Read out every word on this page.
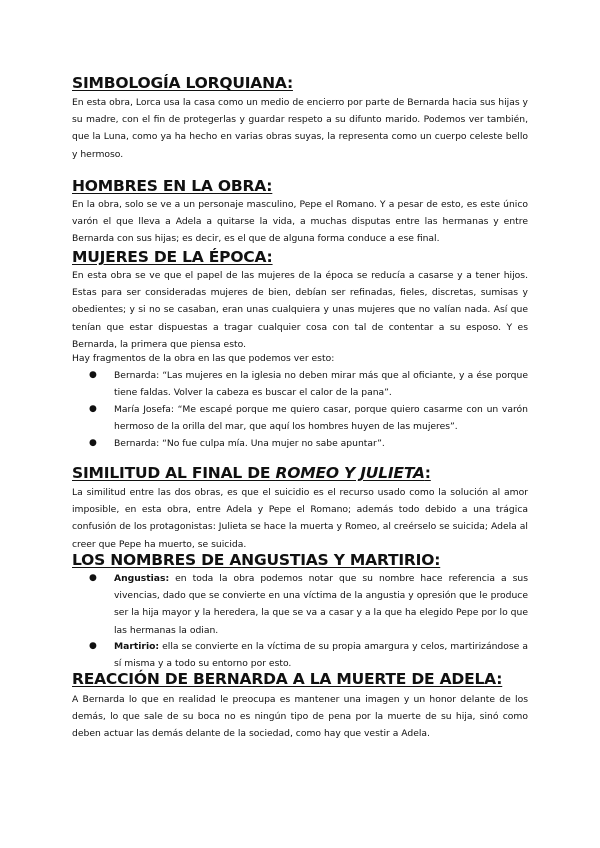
SIMBOLOGÍA LORQUIANA:
En esta obra, Lorca usa la casa como un medio de encierro por parte de Bernarda hacia sus hijas y su madre, con el fin de protegerlas y guardar respeto a su difunto marido. Podemos ver también, que la Luna, como ya ha hecho en varias obras suyas, la representa como un cuerpo celeste bello y hermoso.
HOMBRES EN LA OBRA:
En la obra, solo se ve a un personaje masculino, Pepe el Romano. Y a pesar de esto, es este único varón el que lleva a Adela a quitarse la vida, a muchas disputas entre las hermanas y entre Bernarda con sus hijas; es decir, es el que de alguna forma conduce a ese final.
MUJERES DE LA ÉPOCA:
En esta obra se ve que el papel de las mujeres de la época se reducía a casarse y a tener hijos. Estas para ser consideradas mujeres de bien, debían ser refinadas, fieles, discretas, sumisas y obedientes; y si no se casaban, eran unas cualquiera y unas mujeres que no valían nada. Así que tenían que estar dispuestas a tragar cualquier cosa con tal de contentar a su esposo. Y es Bernarda, la primera que piensa esto.
Hay fragmentos de la obra en las que podemos ver esto:
● Bernarda: “Las mujeres en la iglesia no deben mirar más que al oficiante, y a ése porque tiene faldas. Volver la cabeza es buscar el calor de la pana”.
● María Josefa: “Me escapé porque me quiero casar, porque quiero casarme con un varón hermoso de la orilla del mar, que aquí los hombres huyen de las mujeres”.
● Bernarda: “No fue culpa mía. Una mujer no sabe apuntar”.
SIMILITUD AL FINAL DE ROMEO Y JULIETA:
La similitud entre las dos obras, es que el suicidio es el recurso usado como la solución al amor imposible, en esta obra, entre Adela y Pepe el Romano; además todo debido a una trágica confusión de los protagonistas: Julieta se hace la muerta y Romeo, al creérselo se suicida; Adela al creer que Pepe ha muerto, se suicida.
LOS NOMBRES DE ANGUSTIAS Y MARTIRIO:
● Angustias: en toda la obra podemos notar que su nombre hace referencia a sus vivencias, dado que se convierte en una víctima de la angustia y opresión que le produce ser la hija mayor y la heredera, la que se va a casar y a la que ha elegido Pepe por lo que las hermanas la odian.
● Martirio: ella se convierte en la víctima de su propia amargura y celos, martirizándose a sí misma y a todo su entorno por esto.
REACCIÓN DE BERNARDA A LA MUERTE DE ADELA:
A Bernarda lo que en realidad le preocupa es mantener una imagen y un honor delante de los demás, lo que sale de su boca no es ningún tipo de pena por la muerte de su hija, sinó como deben actuar las demás delante de la sociedad, como hay que vestir a Adela.
